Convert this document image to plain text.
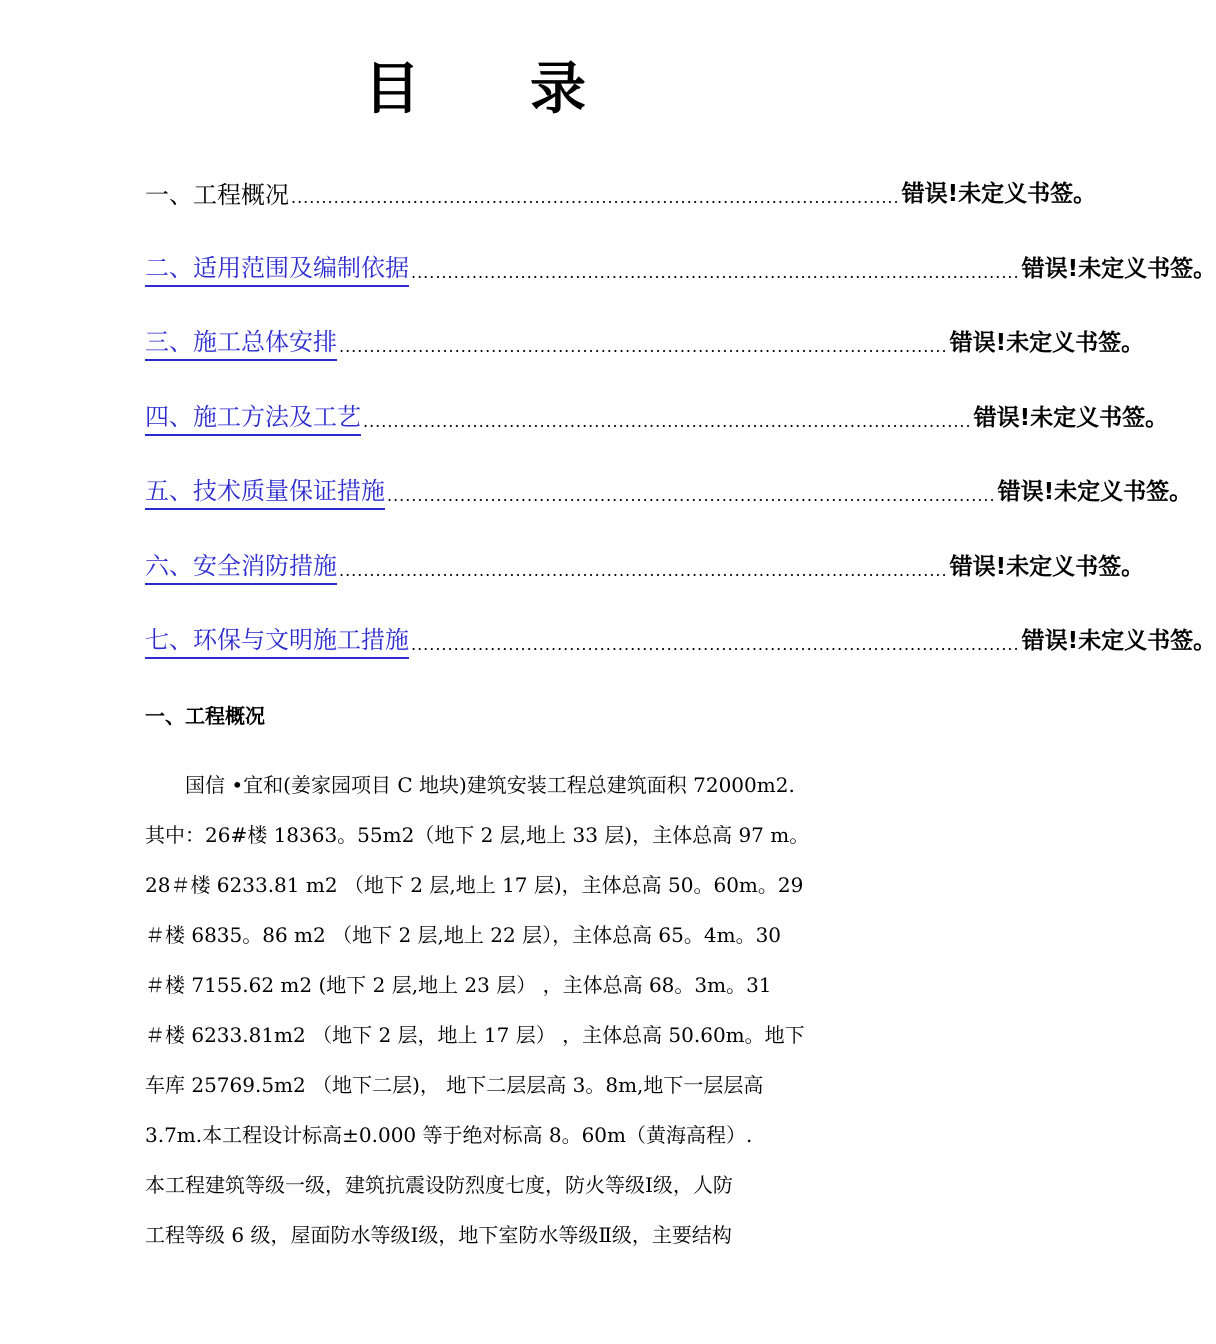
目 录
一、工程概况 .................................................................................................... 错误!未定义书签。
二、适用范围及编制依据 .................................................................................................... 错误!未定义书签。
三、施工总体安排 .................................................................................................... 错误!未定义书签。
四、施工方法及工艺 .................................................................................................... 错误!未定义书签。
五、技术质量保证措施 .................................................................................................... 错误!未定义书签。
六、安全消防措施 .................................................................................................... 错误!未定义书签。
七、环保与文明施工措施 .................................................................................................... 错误!未定义书签。
一、工程概况

　　国信 •宜和(姜家园项目 C 地块)建筑安装工程总建筑面积 72000m2.
其中：26#楼 18363。55m2（地下 2 层,地上 33 层)，主体总高 97 m。
28＃楼 6233.81 m2 （地下 2 层,地上 17 层)，主体总高 50。60m。29
＃楼 6835。86 m2 （地下 2 层,地上 22 层），主体总高 65。4m。30
＃楼 7155.62 m2 (地下 2 层,地上 23 层） ，主体总高 68。3m。31
＃楼 6233.81m2 （地下 2 层，地上 17 层） ，主体总高 50.60m。地下
车库 25769.5m2 （地下二层)， 地下二层层高 3。8m,地下一层层高
3.7m.本工程设计标高±0.000 等于绝对标高 8。60m（黄海高程）.
本工程建筑等级一级，建筑抗震设防烈度七度，防火等级Ⅰ级，人防
工程等级 6 级，屋面防水等级Ⅰ级，地下室防水等级Ⅱ级，主要结构
